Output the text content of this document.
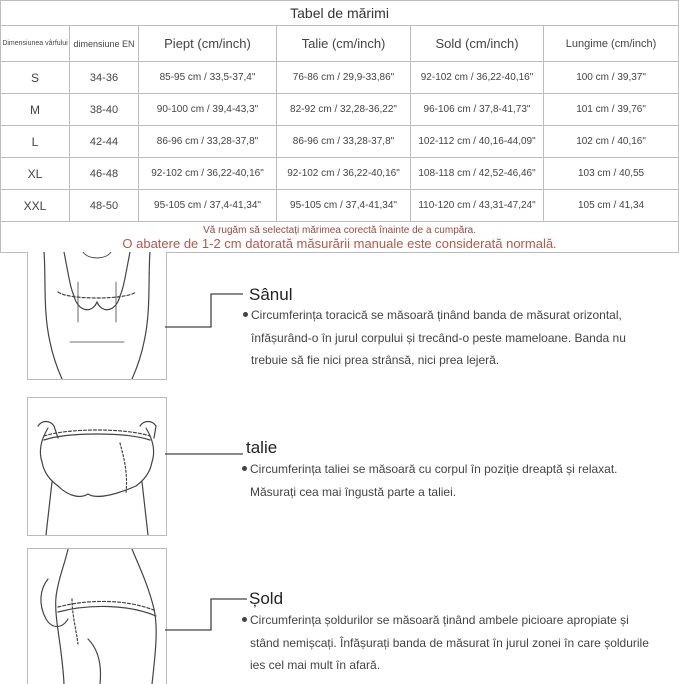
Tabel de mărimi					
Dimensiunea vârfului	dimensiune EN	Piept (cm/inch)	Talie (cm/inch)	Sold (cm/inch)	Lungime (cm/inch)
S	34-36	85-95 cm / 33,5-37,4"	76-86 cm / 29,9-33,86"	92-102 cm / 36,22-40,16"	100 cm / 39,37"
M	38-40	90-100 cm / 39,4-43,3"	82-92 cm / 32,28-36,22"	96-106 cm / 37,8-41,73"	101 cm / 39,76"
L	42-44	86-96 cm / 33,28-37,8"	86-96 cm / 33,28-37,8"	102-112 cm / 40,16-44,09"	102 cm / 40,16"
XL	46-48	92-102 cm / 36,22-40,16"	92-102 cm / 36,22-40,16"	108-118 cm / 42,52-46,46"	103 cm / 40,55
XXL	48-50	95-105 cm / 37,4-41,34"	95-105 cm / 37,4-41,34"	110-120 cm / 43,31-47,24"	105 cm / 41,34

Vă rugăm să selectați mărimea corectă înainte de a cumpăra.
O abatere de 1-2 cm datorată măsurării manuale este considerată normală.					
Sânul
Circumferința toracică se măsoară ținând banda de măsurat orizontal,
înfășurând-o în jurul corpului și trecând-o peste mameloane. Banda nu
trebuie să fie nici prea strânsă, nici prea lejeră.
talie
Circumferința taliei se măsoară cu corpul în poziție dreaptă și relaxat.
Măsurați cea mai îngustă parte a taliei.
Șold
Circumferința șoldurilor se măsoară ținând ambele picioare apropiate și
stând nemișcați. Înfășurați banda de măsurat în jurul zonei în care șoldurile
ies cel mai mult în afară.
